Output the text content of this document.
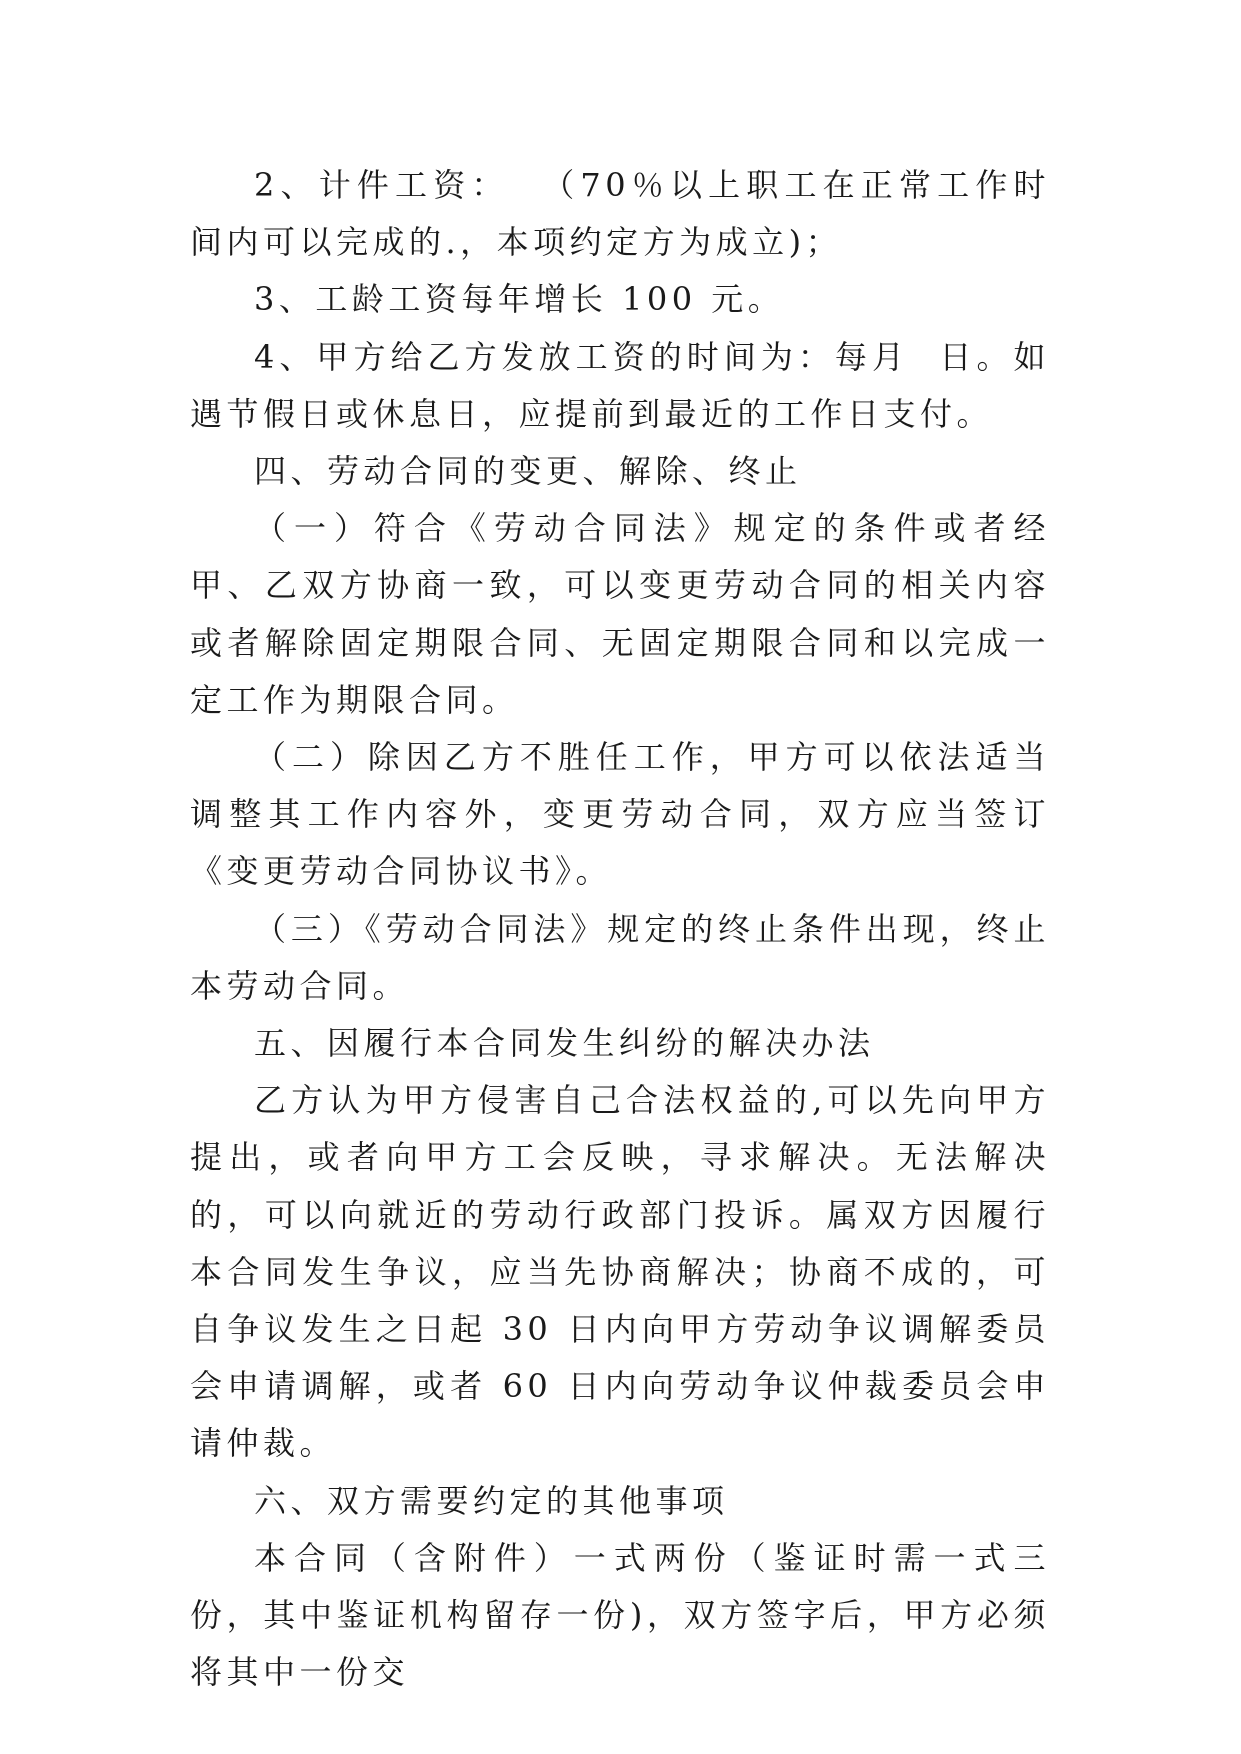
2、计件工资：  （70％以上职工在正常工作时间内可以完成的.，本项约定方为成立)；

3、工龄工资每年增长 100 元。

4、甲方给乙方发放工资的时间为：每月  日。如遇节假日或休息日，应提前到最近的工作日支付。

四、劳动合同的变更、解除、终止

（一）符合《劳动合同法》规定的条件或者经甲、乙双方协商一致，可以变更劳动合同的相关内容或者解除固定期限合同、无固定期限合同和以完成一定工作为期限合同。

（二）除因乙方不胜任工作，甲方可以依法适当调整其工作内容外，变更劳动合同，双方应当签订《变更劳动合同协议书》。

（三）《劳动合同法》规定的终止条件出现，终止本劳动合同。

五、因履行本合同发生纠纷的解决办法

乙方认为甲方侵害自己合法权益的,可以先向甲方提出，或者向甲方工会反映，寻求解决。无法解决的，可以向就近的劳动行政部门投诉。属双方因履行本合同发生争议，应当先协商解决；协商不成的，可自争议发生之日起 30 日内向甲方劳动争议调解委员会申请调解，或者 60 日内向劳动争议仲裁委员会申请仲裁。

六、双方需要约定的其他事项

本合同（含附件）一式两份（鉴证时需一式三份，其中鉴证机构留存一份)，双方签字后，甲方必须将其中一份交
